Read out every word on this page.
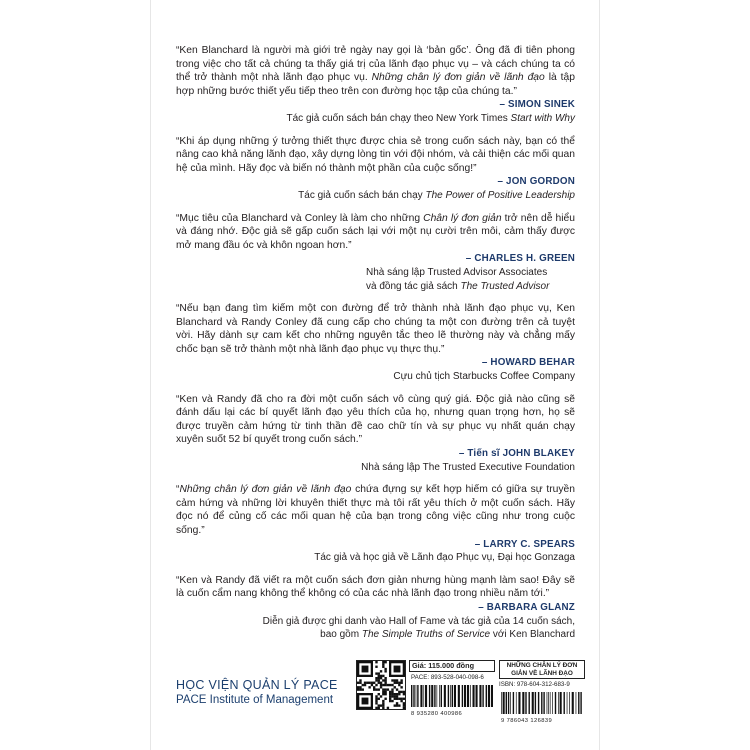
“Ken Blanchard là người mà giới trẻ ngày nay gọi là ‘bản gốc’. Ông đã đi tiên phong trong việc cho tất cả chúng ta thấy giá trị của lãnh đạo phục vụ – và cách chúng ta có thể trở thành một nhà lãnh đạo phục vụ. Những chân lý đơn giản về lãnh đạo là tập hợp những bước thiết yếu tiếp theo trên con đường học tập của chúng ta.”
– SIMON SINEK
Tác giả cuốn sách bán chạy theo New York Times Start with Why
“Khi áp dụng những ý tưởng thiết thực được chia sẻ trong cuốn sách này, bạn có thể nâng cao khả năng lãnh đạo, xây dựng lòng tin với đội nhóm, và cải thiện các mối quan hệ của mình. Hãy đọc và biến nó thành một phần của cuộc sống!”
– JON GORDON
Tác giả cuốn sách bán chạy The Power of Positive Leadership
“Mục tiêu của Blanchard và Conley là làm cho những Chân lý đơn giản trở nên dễ hiểu và đáng nhớ. Độc giả sẽ gấp cuốn sách lại với một nụ cười trên môi, cảm thấy được mở mang đầu óc và khôn ngoan hơn.”
– CHARLES H. GREEN
Nhà sáng lập Trusted Advisor Associates
và đồng tác giả sách The Trusted Advisor
“Nếu bạn đang tìm kiếm một con đường để trở thành nhà lãnh đạo phục vụ, Ken Blanchard và Randy Conley đã cung cấp cho chúng ta một con đường trên cả tuyệt vời. Hãy dành sự cam kết cho những nguyên tắc theo lẽ thường này và chẳng mấy chốc bạn sẽ trở thành một nhà lãnh đạo phục vụ thực thụ.”
– HOWARD BEHAR
Cựu chủ tịch Starbucks Coffee Company
“Ken và Randy đã cho ra đời một cuốn sách vô cùng quý giá. Độc giả nào cũng sẽ đánh dấu lại các bí quyết lãnh đạo yêu thích của họ, nhưng quan trọng hơn, họ sẽ được truyền cảm hứng từ tinh thần đề cao chữ tín và sự phục vụ nhất quán chạy xuyên suốt 52 bí quyết trong cuốn sách.”
– Tiến sĩ JOHN BLAKEY
Nhà sáng lập The Trusted Executive Foundation
“Những chân lý đơn giản về lãnh đạo chứa đựng sự kết hợp hiếm có giữa sự truyền cảm hứng và những lời khuyên thiết thực mà tôi rất yêu thích ở một cuốn sách. Hãy đọc nó để củng cố các mối quan hệ của bạn trong công việc cũng như trong cuộc sống.”
– LARRY C. SPEARS
Tác giả và học giả về Lãnh đạo Phục vụ, Đại học Gonzaga
“Ken và Randy đã viết ra một cuốn sách đơn giản nhưng hùng mạnh làm sao! Đây sẽ là cuốn cẩm nang không thể không có của các nhà lãnh đạo trong nhiều năm tới.”
– BARBARA GLANZ
Diễn giả được ghi danh vào Hall of Fame và tác giả của 14 cuốn sách,
bao gồm The Simple Truths of Service với Ken Blanchard
HỌC VIỆN QUẢN LÝ PACE
PACE Institute of Management
Giá: 115.000 đồng
PACE: 893-528-040-098-6
8 935280 400986
NHỮNG CHÂN LÝ ĐƠN GIẢN VỀ LÃNH ĐẠO
ISBN: 978-604-312-683-9
9 786043 126839
